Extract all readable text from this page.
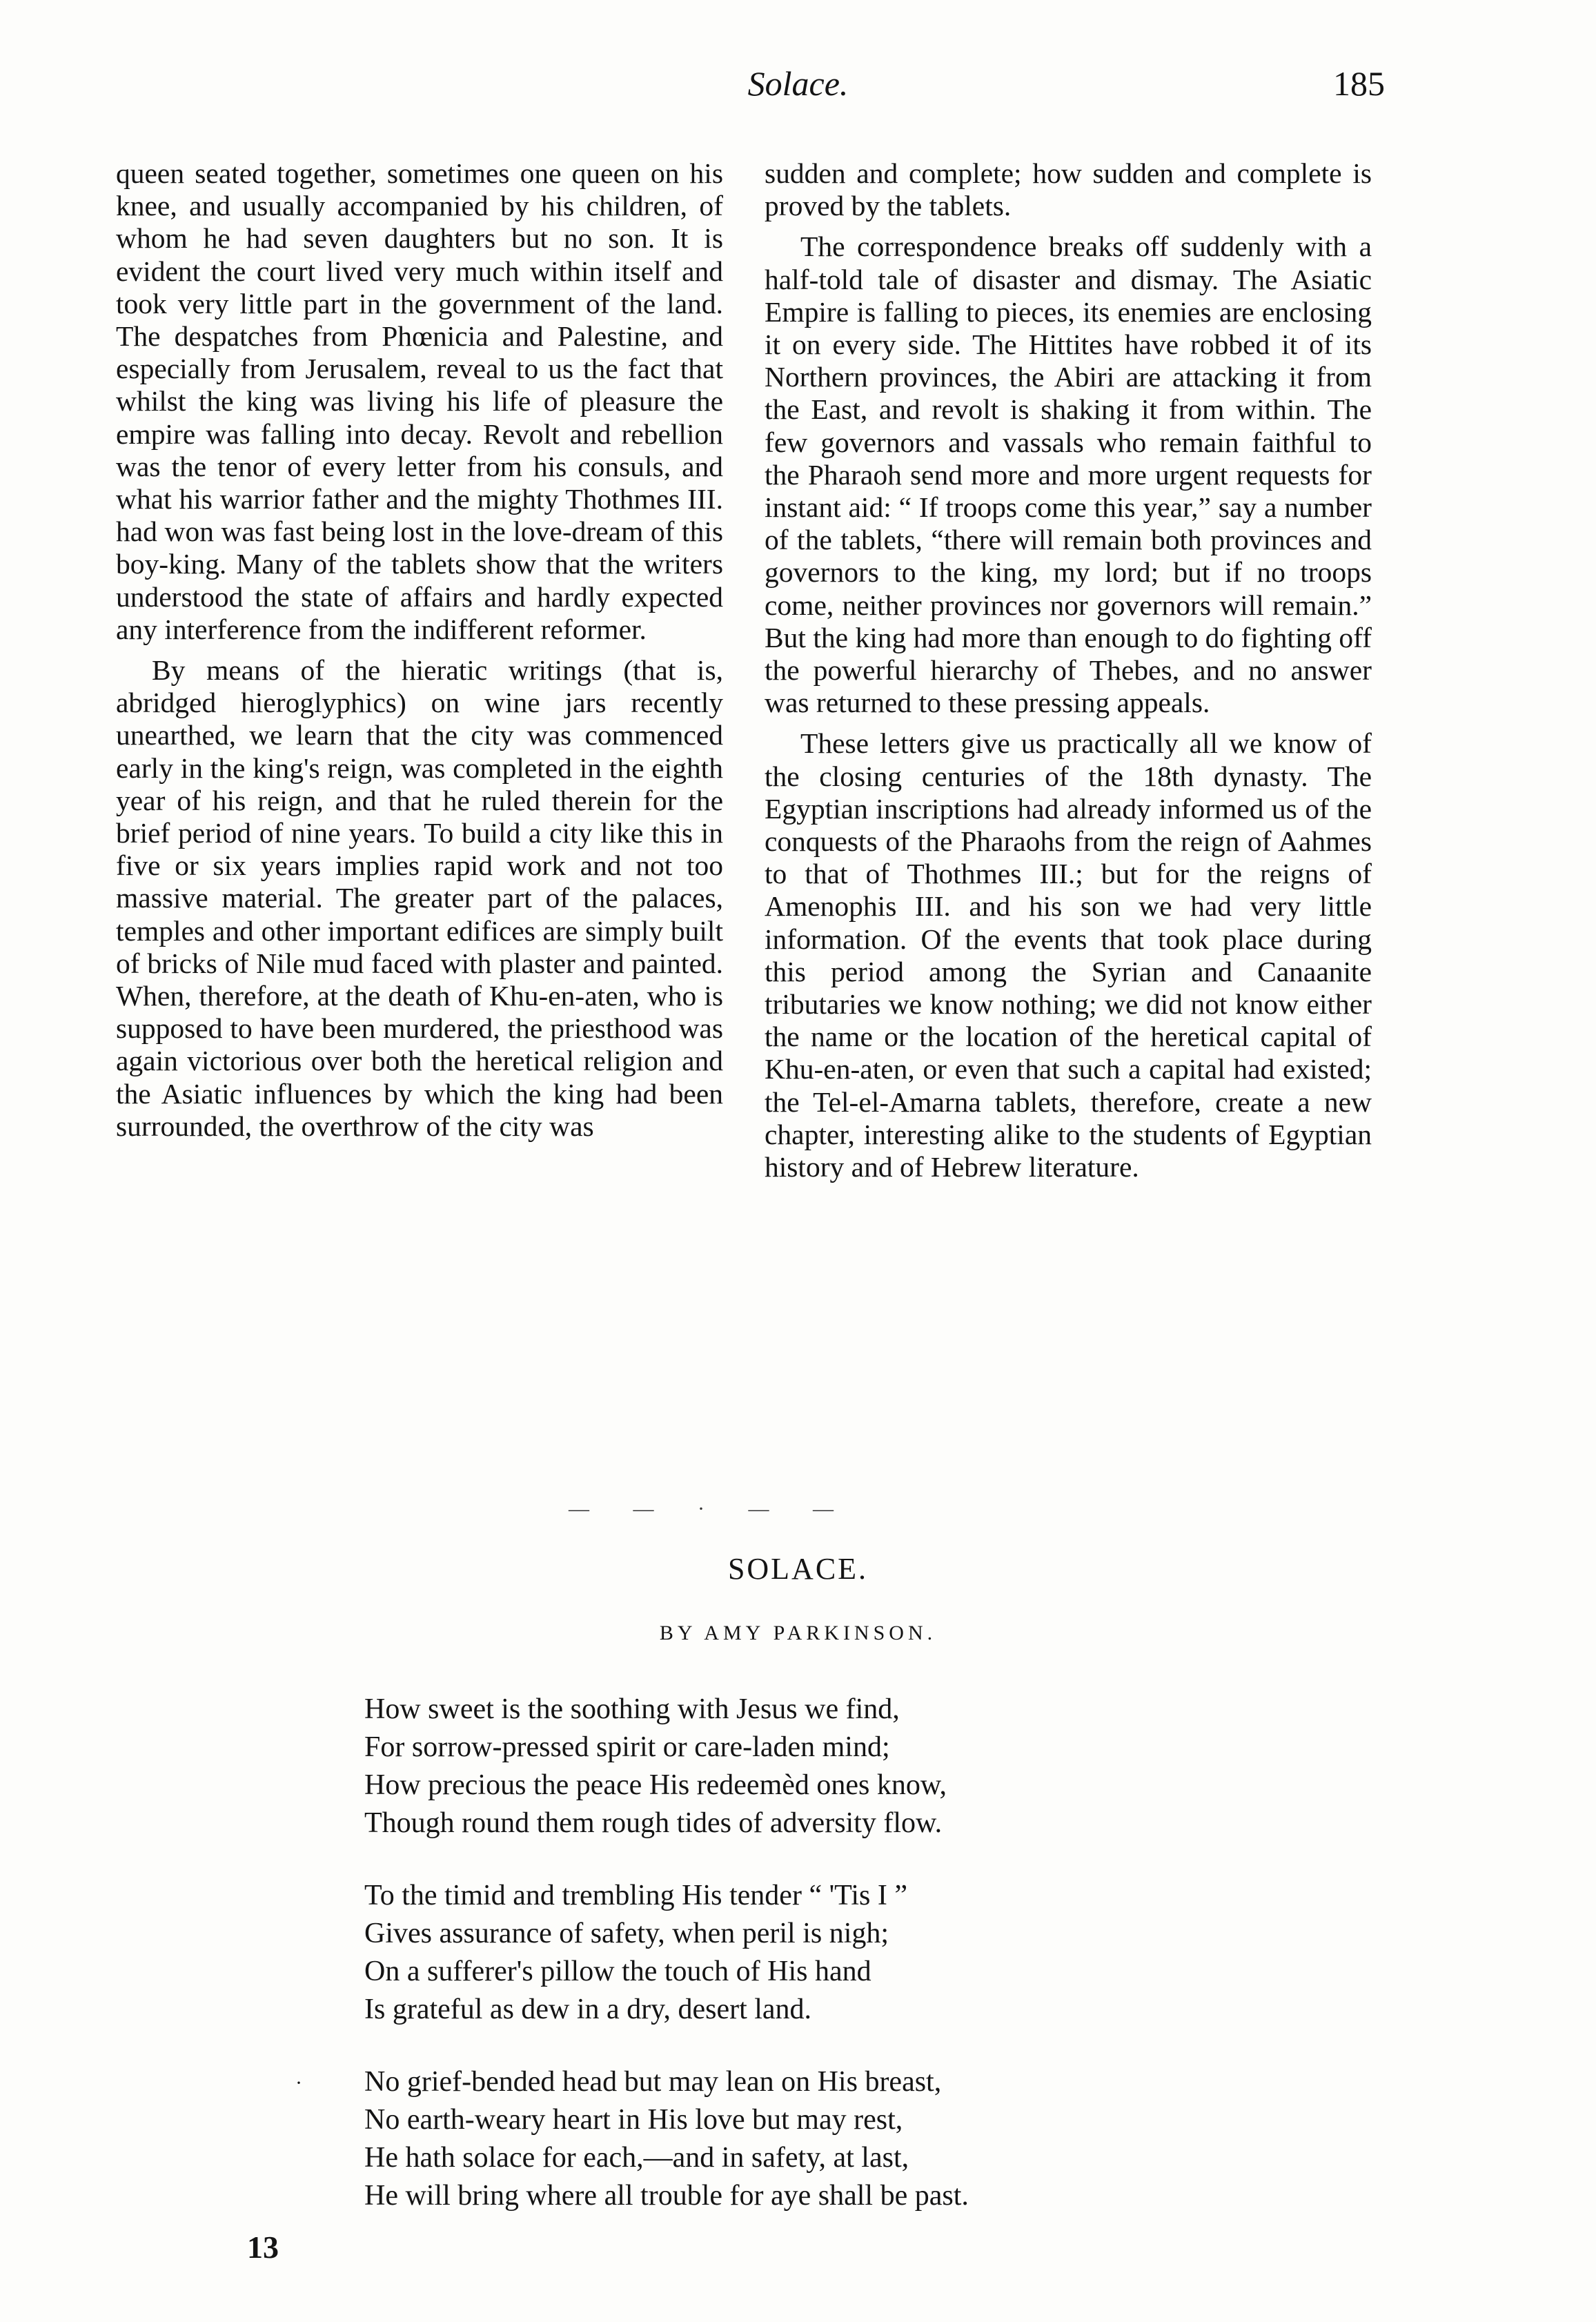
Solace.	185

queen seated together, sometimes one queen on his knee, and usually accompanied by his children, of whom he had seven daughters but no son. It is evident the court lived very much within itself and took very little part in the government of the land. The despatches from Phœnicia and Palestine, and especially from Jerusalem, reveal to us the fact that whilst the king was living his life of pleasure the empire was falling into decay. Revolt and rebellion was the tenor of every letter from his consuls, and what his warrior father and the mighty Thothmes III. had won was fast being lost in the love-dream of this boy-king. Many of the tablets show that the writers understood the state of affairs and hardly expected any interference from the indifferent reformer.

By means of the hieratic writings (that is, abridged hieroglyphics) on wine jars recently unearthed, we learn that the city was commenced early in the king's reign, was completed in the eighth year of his reign, and that he ruled therein for the brief period of nine years. To build a city like this in five or six years implies rapid work and not too massive material. The greater part of the palaces, temples and other important edifices are simply built of bricks of Nile mud faced with plaster and painted. When, therefore, at the death of Khu-en-aten, who is supposed to have been murdered, the priesthood was again victorious over both the heretical religion and the Asiatic influences by which the king had been surrounded, the overthrow of the city was

sudden and complete; how sudden and complete is proved by the tablets.

The correspondence breaks off suddenly with a half-told tale of disaster and dismay. The Asiatic Empire is falling to pieces, its enemies are enclosing it on every side. The Hittites have robbed it of its Northern provinces, the Abiri are attacking it from the East, and revolt is shaking it from within. The few governors and vassals who remain faithful to the Pharaoh send more and more urgent requests for instant aid: “ If troops come this year,” say a number of the tablets, “there will remain both provinces and governors to the king, my lord; but if no troops come, neither provinces nor governors will remain.” But the king had more than enough to do fighting off the powerful hierarchy of Thebes, and no answer was returned to these pressing appeals.

These letters give us practically all we know of the closing centuries of the 18th dynasty. The Egyptian inscriptions had already informed us of the conquests of the Pharaohs from the reign of Aahmes to that of Thothmes III.; but for the reigns of Amenophis III. and his son we had very little information. Of the events that took place during this period among the Syrian and Canaanite tributaries we know nothing; we did not know either the name or the location of the heretical capital of Khu-en-aten, or even that such a capital had existed; the Tel-el-Amarna tablets, therefore, create a new chapter, interesting alike to the students of Egyptian history and of Hebrew literature.

— — · — —
SOLACE.
BY AMY PARKINSON.
How sweet is the soothing with Jesus we find,
For sorrow-pressed spirit or care-laden mind;
How precious the peace His redeemèd ones know,
Though round them rough tides of adversity flow.
To the timid and trembling His tender “ 'Tis I ”
Gives assurance of safety, when peril is nigh;
On a sufferer's pillow the touch of His hand
Is grateful as dew in a dry, desert land.
No grief-bended head but may lean on His breast,
No earth-weary heart in His love but may rest,
He hath solace for each,—and in safety, at last,
He will bring where all trouble for aye shall be past.
·
13
